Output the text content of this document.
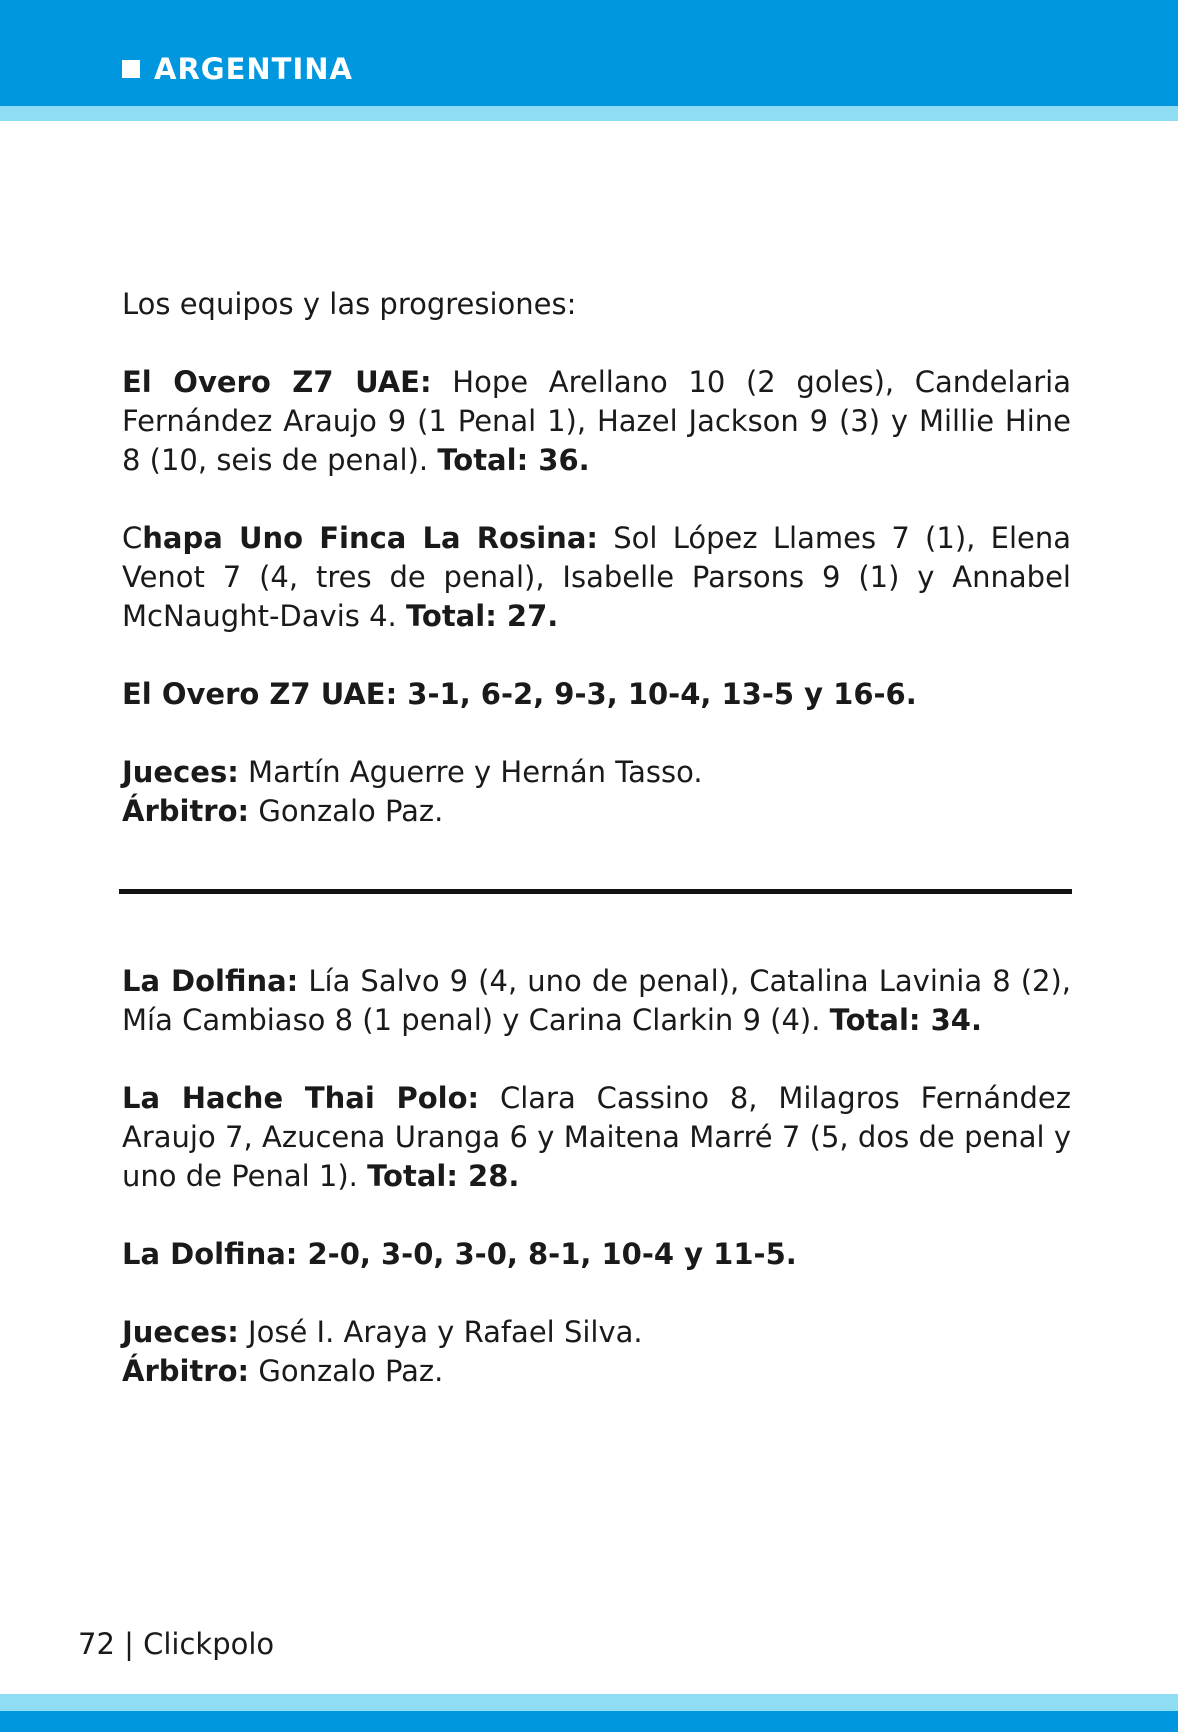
ARGENTINA

Los equipos y las progresiones:

El Overo Z7 UAE: Hope Arellano 10 (2 goles), Candelaria Fernández Araujo 9 (1 Penal 1), Hazel Jackson 9 (3) y Millie Hine 8 (10, seis de penal). Total: 36.

Chapa Uno Finca La Rosina: Sol López Llames 7 (1), Elena Venot 7 (4, tres de penal), Isabelle Parsons 9 (1) y Annabel McNaught-Davis 4. Total: 27.

El Overo Z7 UAE: 3-1, 6-2, 9-3, 10-4, 13-5 y 16-6.

Jueces: Martín Aguerre y Hernán Tasso.
Árbitro: Gonzalo Paz.

La Dolfina: Lía Salvo 9 (4, uno de penal), Catalina Lavinia 8 (2), Mía Cambiaso 8 (1 penal) y Carina Clarkin 9 (4). Total: 34.

La Hache Thai Polo: Clara Cassino 8, Milagros Fernández Araujo 7, Azucena Uranga 6 y Maitena Marré 7 (5, dos de penal y uno de Penal 1). Total: 28.

La Dolfina: 2-0, 3-0, 3-0, 8-1, 10-4 y 11-5.

Jueces: José I. Araya y Rafael Silva.
Árbitro: Gonzalo Paz.

72 | Clickpolo
